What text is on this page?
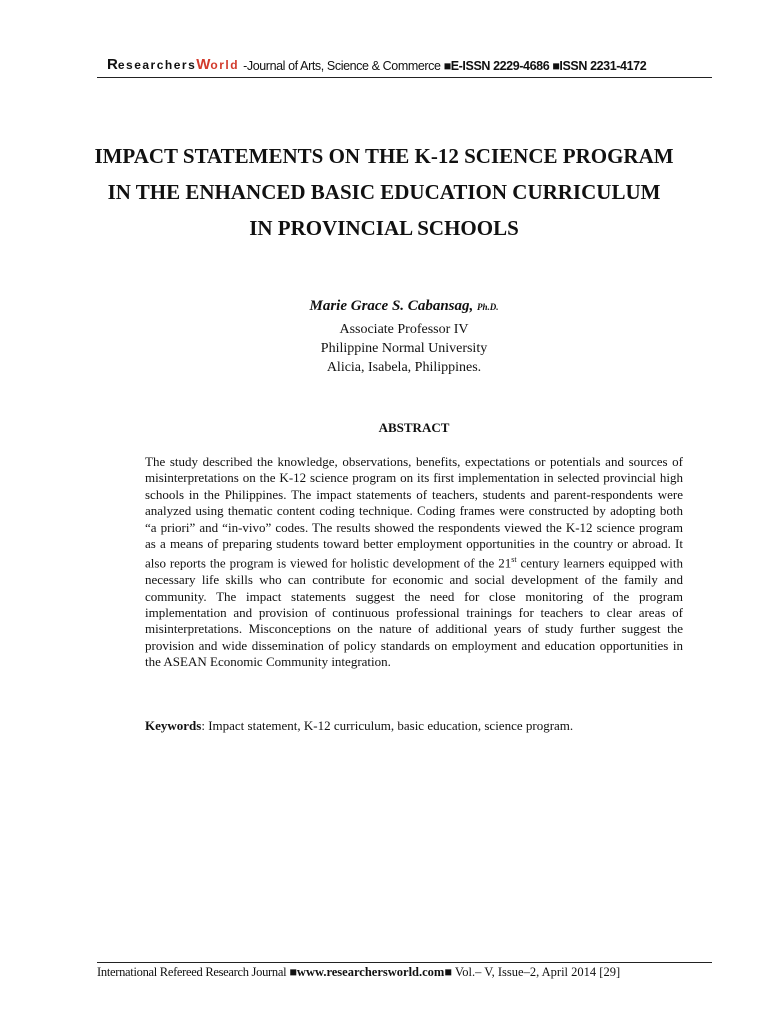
ResearchersWorld -Journal of Arts, Science & Commerce ■E-ISSN 2229-4686 ■ISSN 2231-4172
IMPACT STATEMENTS ON THE K-12 SCIENCE PROGRAM
IN THE ENHANCED BASIC EDUCATION CURRICULUM
IN PROVINCIAL SCHOOLS
Marie Grace S. Cabansag, Ph.D.
Associate Professor IV
Philippine Normal University
Alicia, Isabela, Philippines.
ABSTRACT
The study described the knowledge, observations, benefits, expectations or potentials and sources of misinterpretations on the K-12 science program on its first implementation in selected provincial high schools in the Philippines. The impact statements of teachers, students and parent-respondents were analyzed using thematic content coding technique. Coding frames were constructed by adopting both “a priori” and “in-vivo” codes. The results showed the respondents viewed the K-12 science program as a means of preparing students toward better employment opportunities in the country or abroad. It also reports the program is viewed for holistic development of the 21st century learners equipped with necessary life skills who can contribute for economic and social development of the family and community. The impact statements suggest the need for close monitoring of the program implementation and provision of continuous professional trainings for teachers to clear areas of misinterpretations. Misconceptions on the nature of additional years of study further suggest the provision and wide dissemination of policy standards on employment and education opportunities in the ASEAN Economic Community integration.
Keywords: Impact statement, K-12 curriculum, basic education, science program.
International Refereed Research Journal ■www.researchersworld.com■ Vol.– V, Issue–2, April 2014 [29]
